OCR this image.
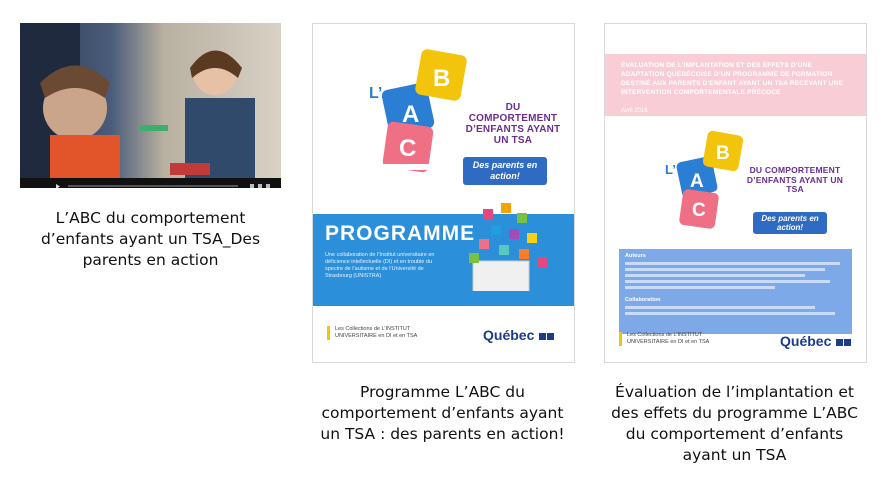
L’ABC du comportement d’enfants ayant un TSA_Des parents en action
A
B
C
L’
DU COMPORTEMENT D’ENFANTS AYANT UN TSA
Des parents en action!
PROGRAMME
Une collaboration de l’Institut universitaire en déficience intellectuelle (DI) et en trouble du spectre de l’autisme et de l’Université de Strasbourg (UNISTRA)
Les Collections de L’INSTITUT UNIVERSITAIRE en DI et en TSA	Québec
Programme L’ABC du comportement d’enfants ayant un TSA : des parents en action!
ÉVALUATION DE L’IMPLANTATION ET DES EFFETS D’UNE ADAPTATION QUÉBÉCOISE D’UN PROGRAMME DE FORMATION DESTINÉ AUX PARENTS D’ENFANT AYANT UN TSA RECEVANT UNE INTERVENTION COMPORTEMENTALE PRÉCOCE
Avril 2016
A
B
C
L’	DU COMPORTEMENT D’ENFANTS AYANT UN TSA
Des parents en action!
Auteurs
Collaboration
Les Collections de L’INSTITUT UNIVERSITAIRE en DI et en TSA	Québec
Évaluation de l’implantation et des effets du programme L’ABC du comportement d’enfants ayant un TSA
